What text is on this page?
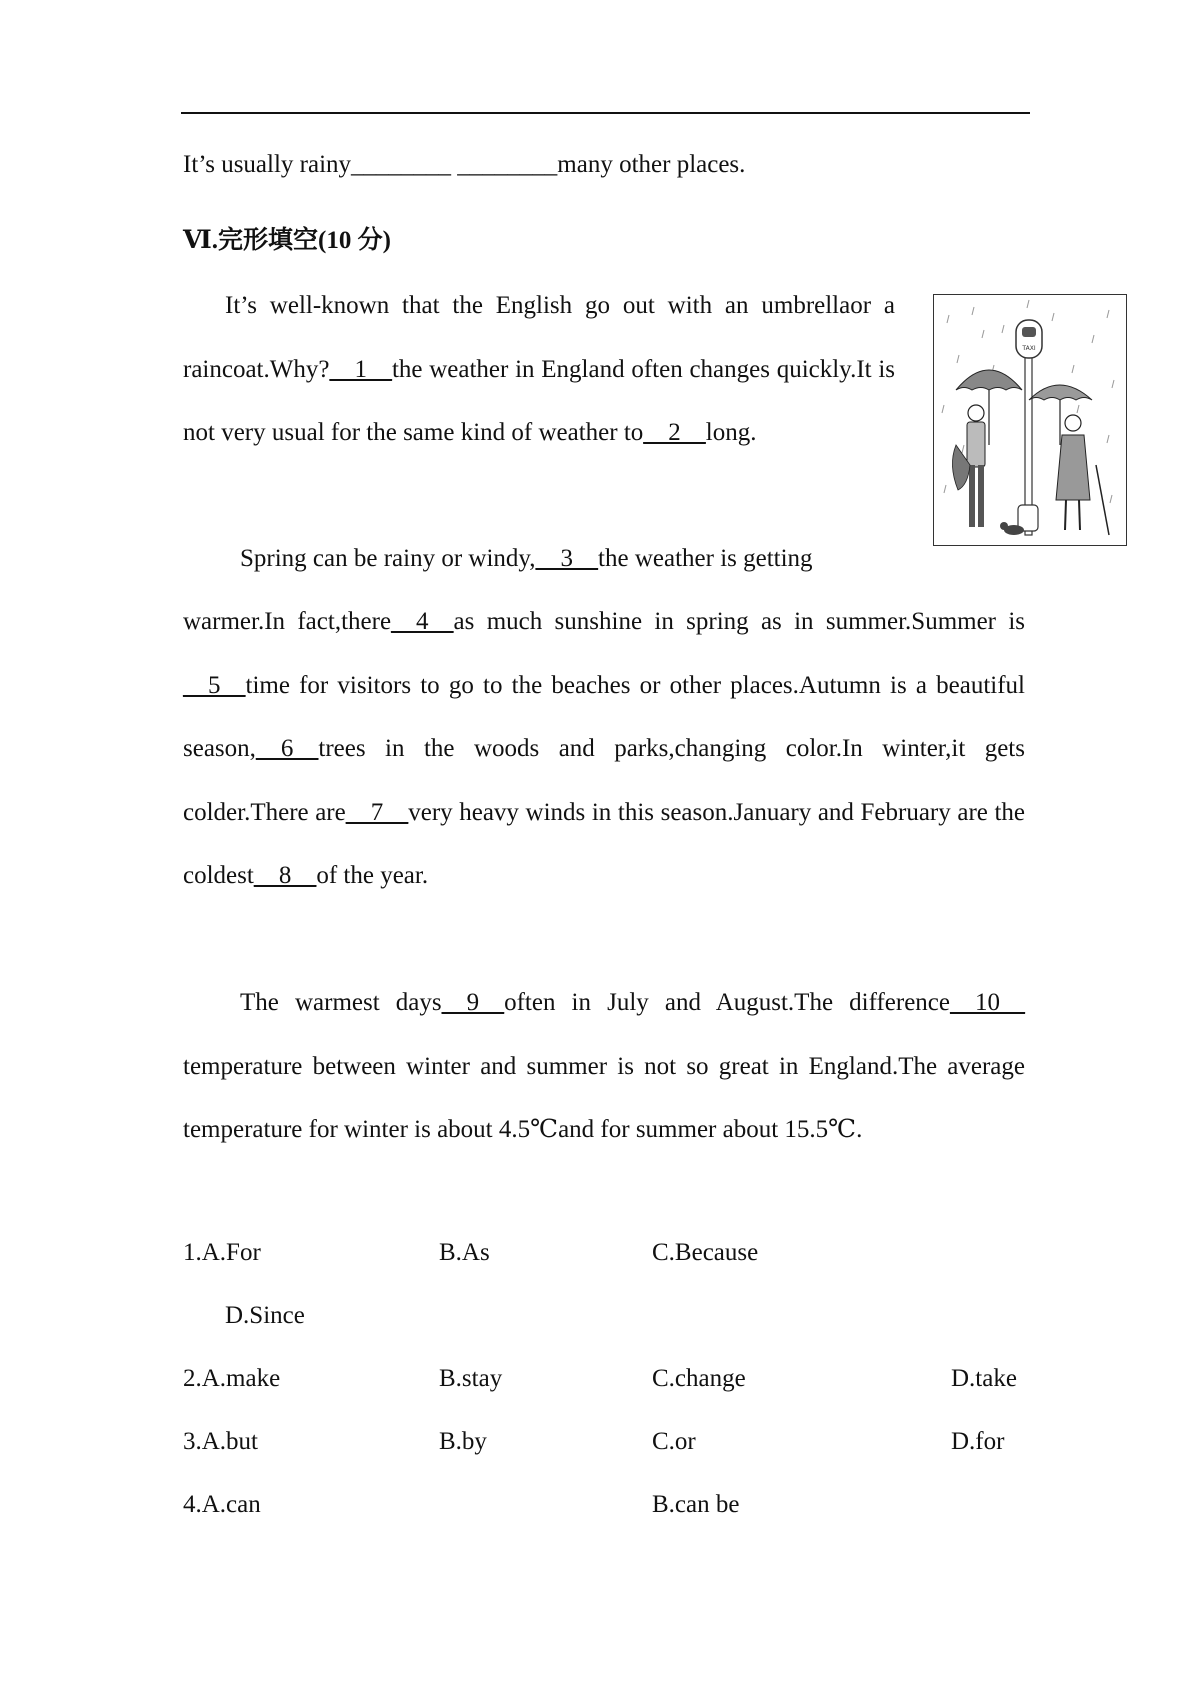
It’s usually rainy________ ________many other places.
Ⅵ.完形填空(10 分)

It’s well-known that the English go out with an umbrellaor a raincoat.Why?__1__the weather in England often changes quickly.It is not very usual for the same kind of weather to__2__long.

Spring can be rainy or windy,__3__the weather is getting

warmer.In fact,there__4__as much sunshine in spring as in summer.Summer is__5__time for visitors to go to the beaches or other places.Autumn is a beautiful season,__6__trees in the woods and parks,changing color.In winter,it gets colder.There are__7__very heavy winds in this season.January and February are the coldest__8__of the year.

The warmest days__9__often in July and August.The difference__10__temperature between winter and summer is not so great in England.The average temperature for winter is about 4.5℃and for summer about 15.5℃.

1.A.For	B.As	C.Because
D.Since
2.A.make	B.stay	C.change	D.take
3.A.but	B.by	C.or	D.for
4.A.can	B.can be
TAXI
